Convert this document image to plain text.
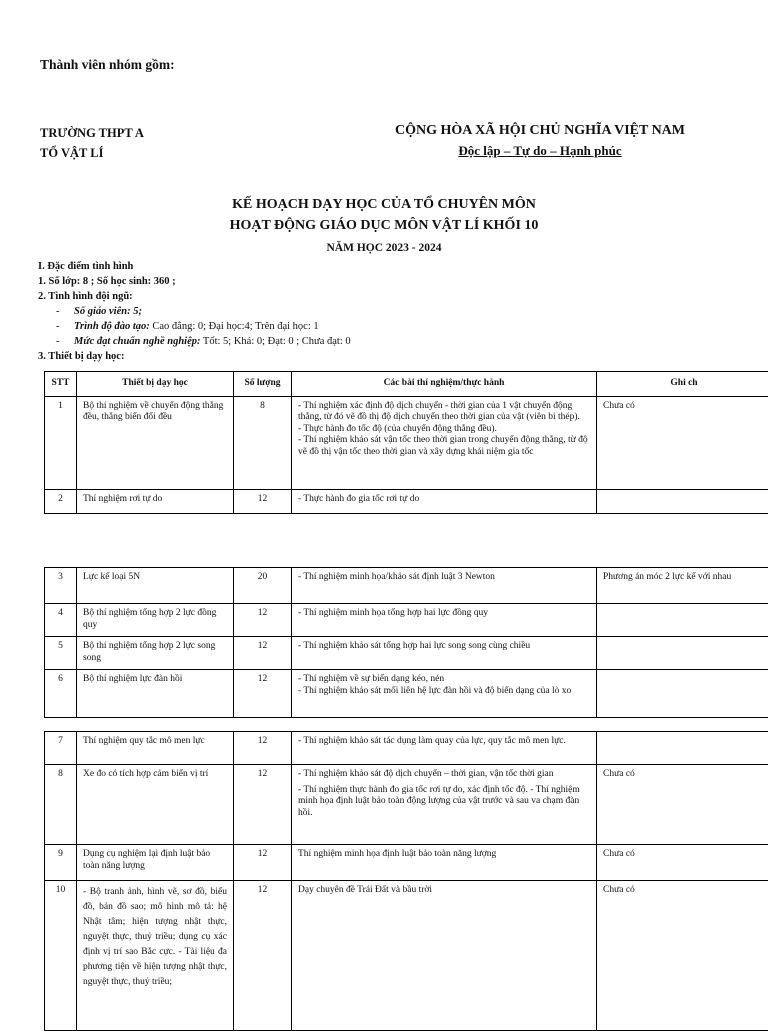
Thành viên nhóm gồm:
TRƯỜNG THPT A
TỔ VẬT LÍ
CỘNG HÒA XÃ HỘI CHỦ NGHĨA VIỆT NAM
Độc lập – Tự do – Hạnh phúc
KẾ HOẠCH DẠY HỌC CỦA TỔ CHUYÊN MÔN
HOẠT ĐỘNG GIÁO DỤC MÔN VẬT LÍ KHỐI 10
NĂM HỌC 2023 - 2024
I. Đặc điểm tình hình
1. Số lớp: 8 ; Số học sinh: 360 ;
2. Tình hình đội ngũ:
- Số giáo viên: 5;
- Trình độ đào tạo: Cao đẳng: 0; Đại học:4; Trên đại học: 1
- Mức đạt chuẩn nghề nghiệp: Tốt: 5; Khá: 0; Đạt: 0 ; Chưa đạt: 0
3. Thiết bị dạy học:
STT	Thiết bị dạy học	Số lượng	Các bài thí nghiệm/thực hành	Ghi ch
1	Bộ thí nghiệm về chuyển động thẳng đều, thẳng biến đổi đều	8	- Thí nghiệm xác định độ dịch chuyển - thời gian của 1 vật chuyển động thẳng, từ đó vẽ đồ thị độ dịch chuyển theo thời gian của vật (viên bi thép).
- Thực hành đo tốc độ (của chuyển động thẳng đều).
- Thí nghiệm khảo sát vận tốc theo thời gian trong chuyển động thẳng, từ độ vẽ đồ thị vận tốc theo thời gian và xây dựng khái niệm gia tốc	Chưa có
2	Thí nghiệm rơi tự do	12	- Thực hành đo gia tốc rơi tự do	

3	Lực kế loại 5N	20	- Thí nghiệm minh họa/khảo sát định luật 3 Newton	Phương án móc 2 lực kế với nhau
4	Bộ thí nghiệm tổng hợp 2 lực đồng quy	12	- Thí nghiệm minh họa tổng hợp hai lực đồng quy	

5	Bộ thí nghiệm tổng hợp 2 lực song song	12	- Thí nghiệm khảo sát tổng hợp hai lực song song cùng chiều	

6	Bộ thí nghiệm lực đàn hồi	12	- Thí nghiệm về sự biến dạng kéo, nén
- Thí nghiệm khảo sát mối liên hệ lực đàn hồi và độ biến dạng của lò xo	

7	Thí nghiệm quy tắc mô men lực	12	- Thí nghiệm khảo sát tác dụng làm quay của lực, quy tắc mô men lực.	

8	Xe đo có tích hợp cảm biến vị trí	12	- Thí nghiệm khảo sát độ dịch chuyển – thời gian, vận tốc thời gian
- Thí nghiệm thực hành đo gia tốc rơi tự do, xác định tốc độ. - Thí nghiệm minh họa định luật bảo toàn động lượng của vật trước và sau va chạm đàn hồi.	Chưa có
9	Dụng cụ nghiệm lại định luật bảo toàn năng lượng	12	Thí nghiệm minh họa định luật bảo toàn năng lượng	Chưa có
10	- Bộ tranh ảnh, hình vẽ, sơ đồ, biểu đồ, bản đồ sao; mô hình mô tả: hệ Nhật tâm; hiện tượng nhật thực, nguyệt thực, thuỷ triều; dụng cụ xác định vị trí sao Bắc cực. - Tài liệu đa phương tiện về hiện tượng nhật thực, nguyệt thực, thuỷ triều;	12	Dạy chuyên đề Trái Đất và bầu trời	Chưa có
